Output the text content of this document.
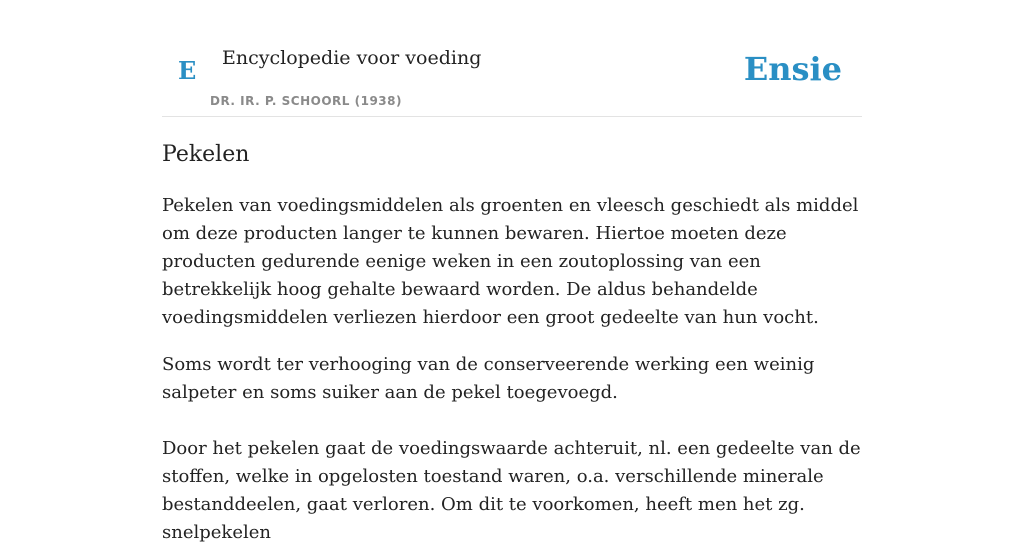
E Encyclopedie voor voeding
DR. IR. P. SCHOORL (1938)
Ensie
Pekelen

Pekelen van voedingsmiddelen als groenten en vleesch geschiedt als middel om deze producten langer te kunnen bewaren. Hiertoe moeten deze producten gedurende eenige weken in een zoutoplossing van een betrekkelijk hoog gehalte bewaard worden. De aldus behandelde voedingsmiddelen verliezen hierdoor een groot gedeelte van hun vocht.

Soms wordt ter verhooging van de conserveerende werking een weinig salpeter en soms suiker aan de pekel toegevoegd.

Door het pekelen gaat de voedingswaarde achteruit, nl. een gedeelte van de stoffen, welke in opgelosten toestand waren, o.a. verschillende minerale bestanddeelen, gaat verloren. Om dit te voorkomen, heeft men het zg. snelpekelen
